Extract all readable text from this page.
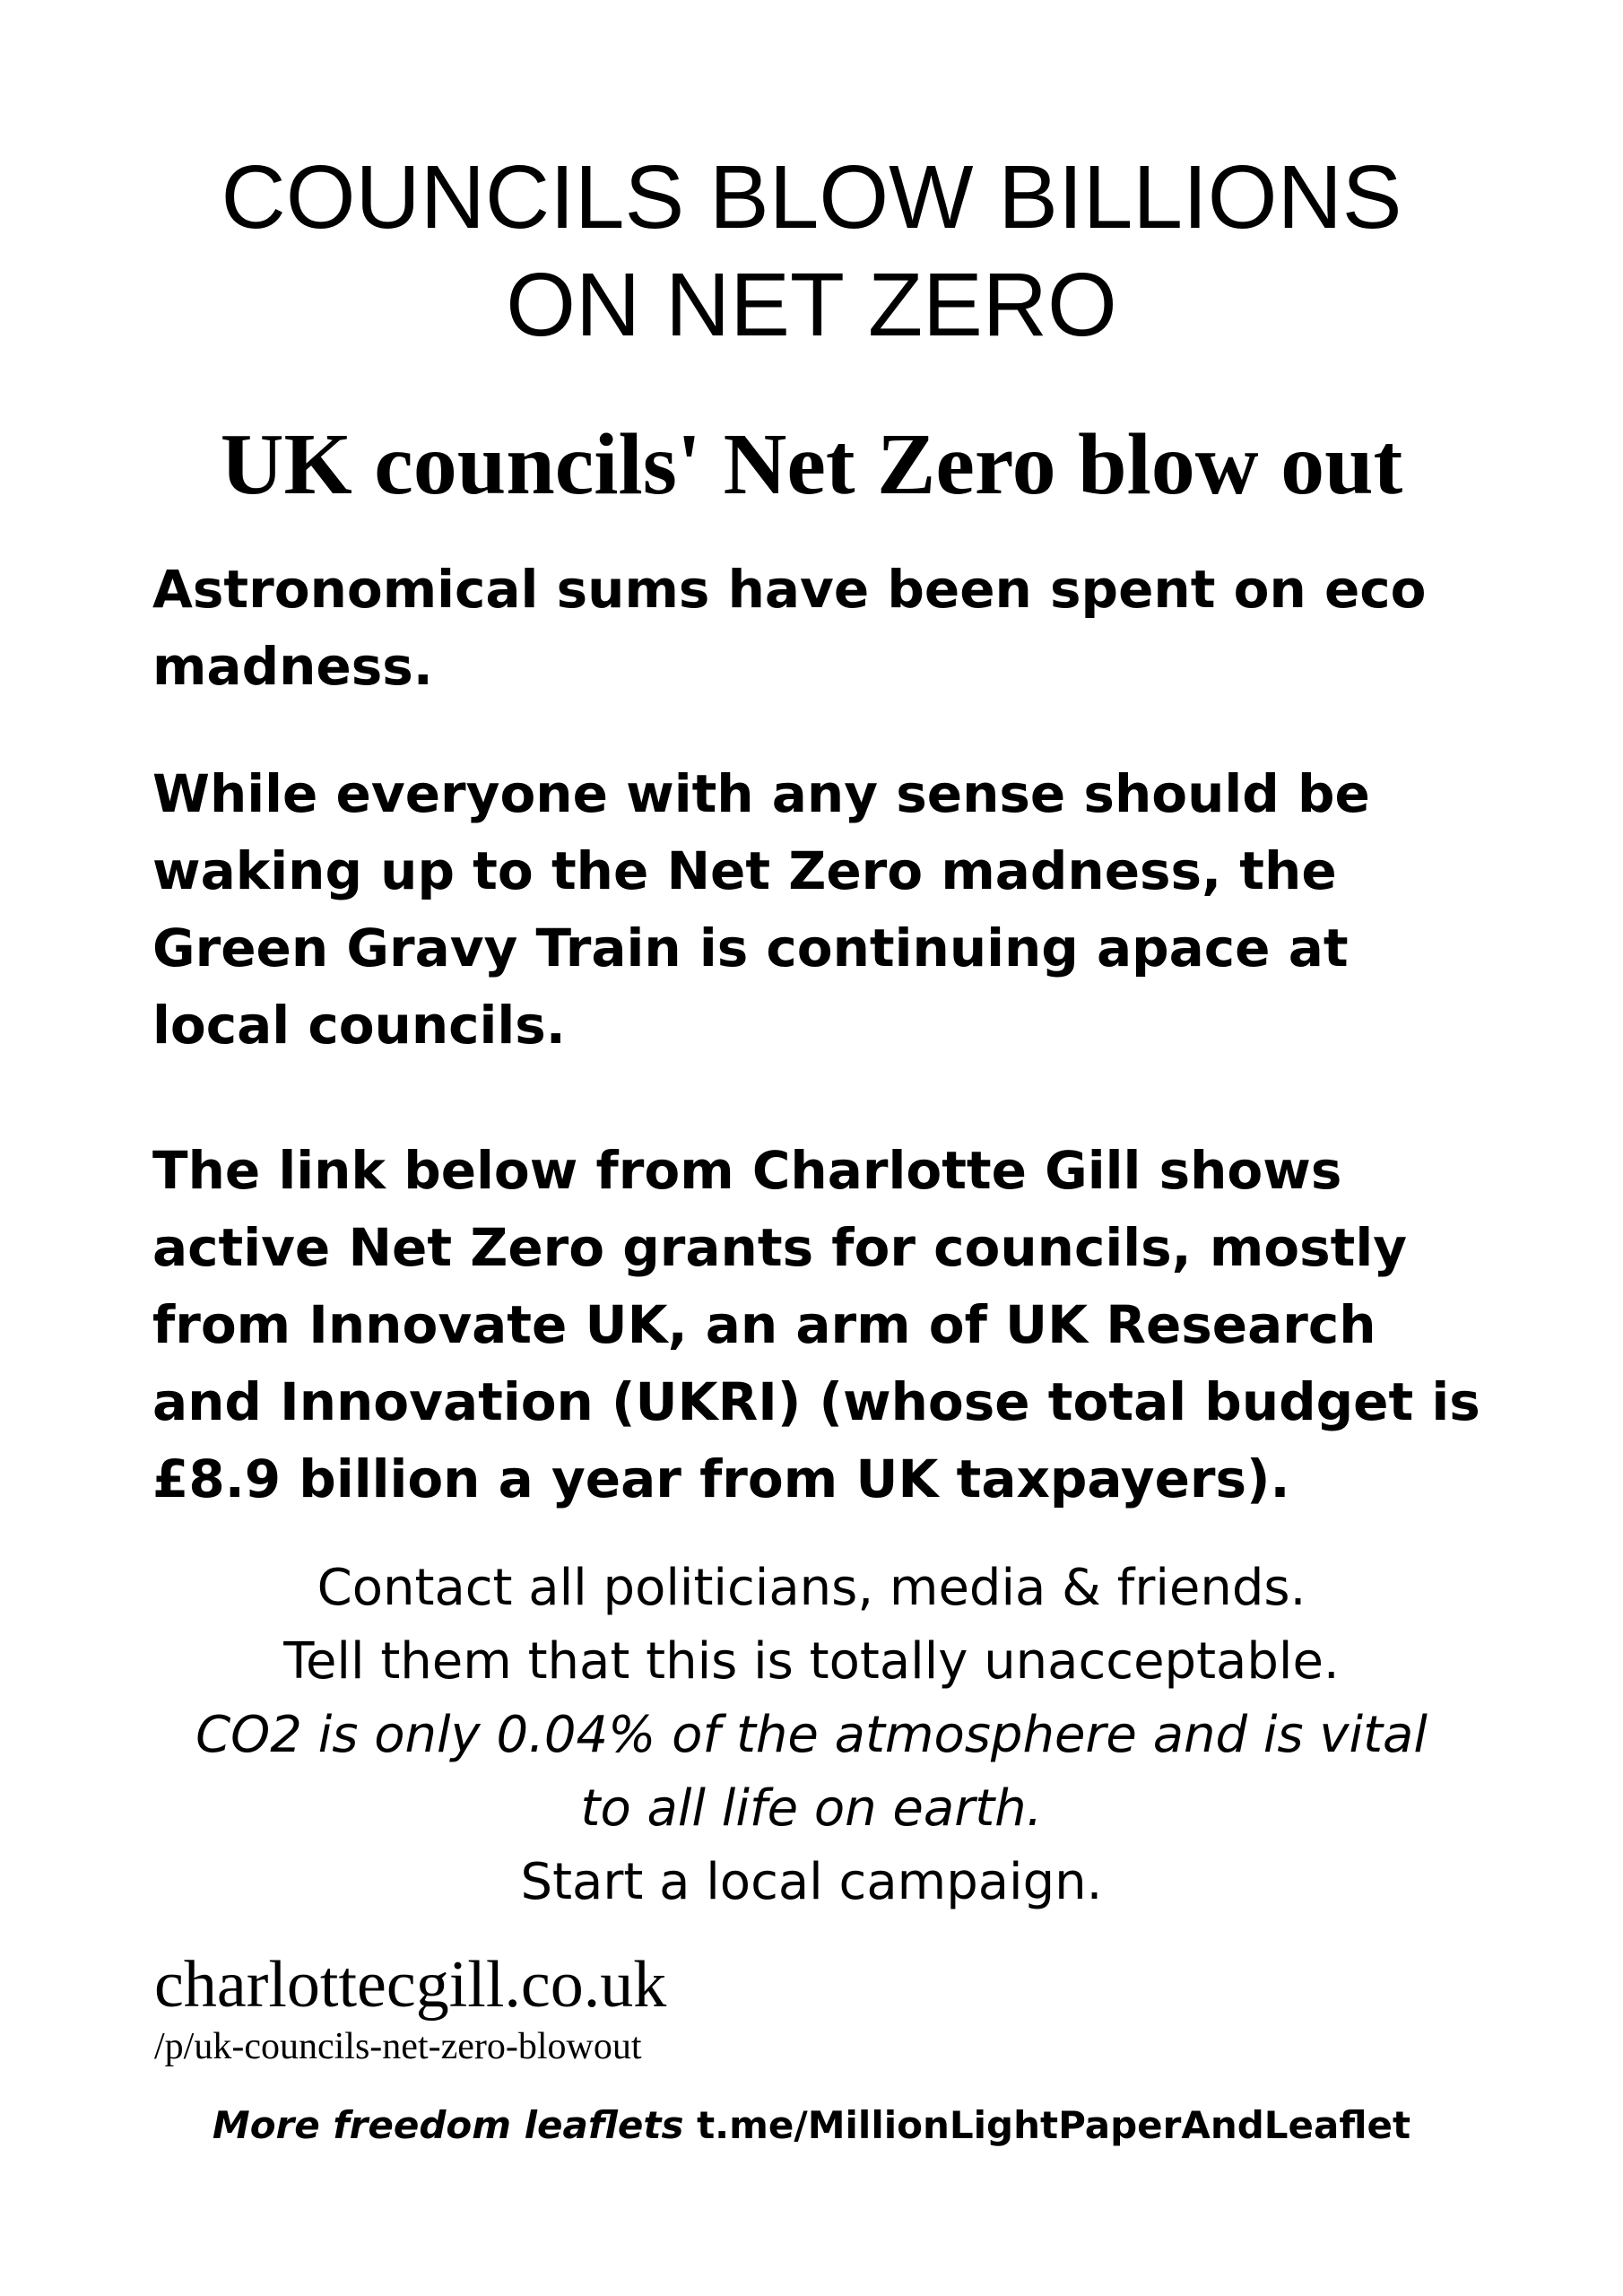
COUNCILS BLOW BILLIONS
ON NET ZERO
UK councils' Net Zero blow out

Astronomical sums have been spent on eco madness.

While everyone with any sense should be waking up to the Net Zero madness, the Green Gravy Train is continuing apace at local councils.

The link below from Charlotte Gill shows active Net Zero grants for councils, mostly from Innovate UK, an arm of UK Research and Innovation (UKRI) (whose total budget is £8.9 billion a year from UK taxpayers).

Contact all politicians, media & friends.
Tell them that this is totally unacceptable.
CO2 is only 0.04% of the atmosphere and is vital
to all life on earth.
Start a local campaign.
charlottecgill.co.uk
/p/uk-councils-net-zero-blowout
More freedom leaflets t.me/MillionLightPaperAndLeaflet
